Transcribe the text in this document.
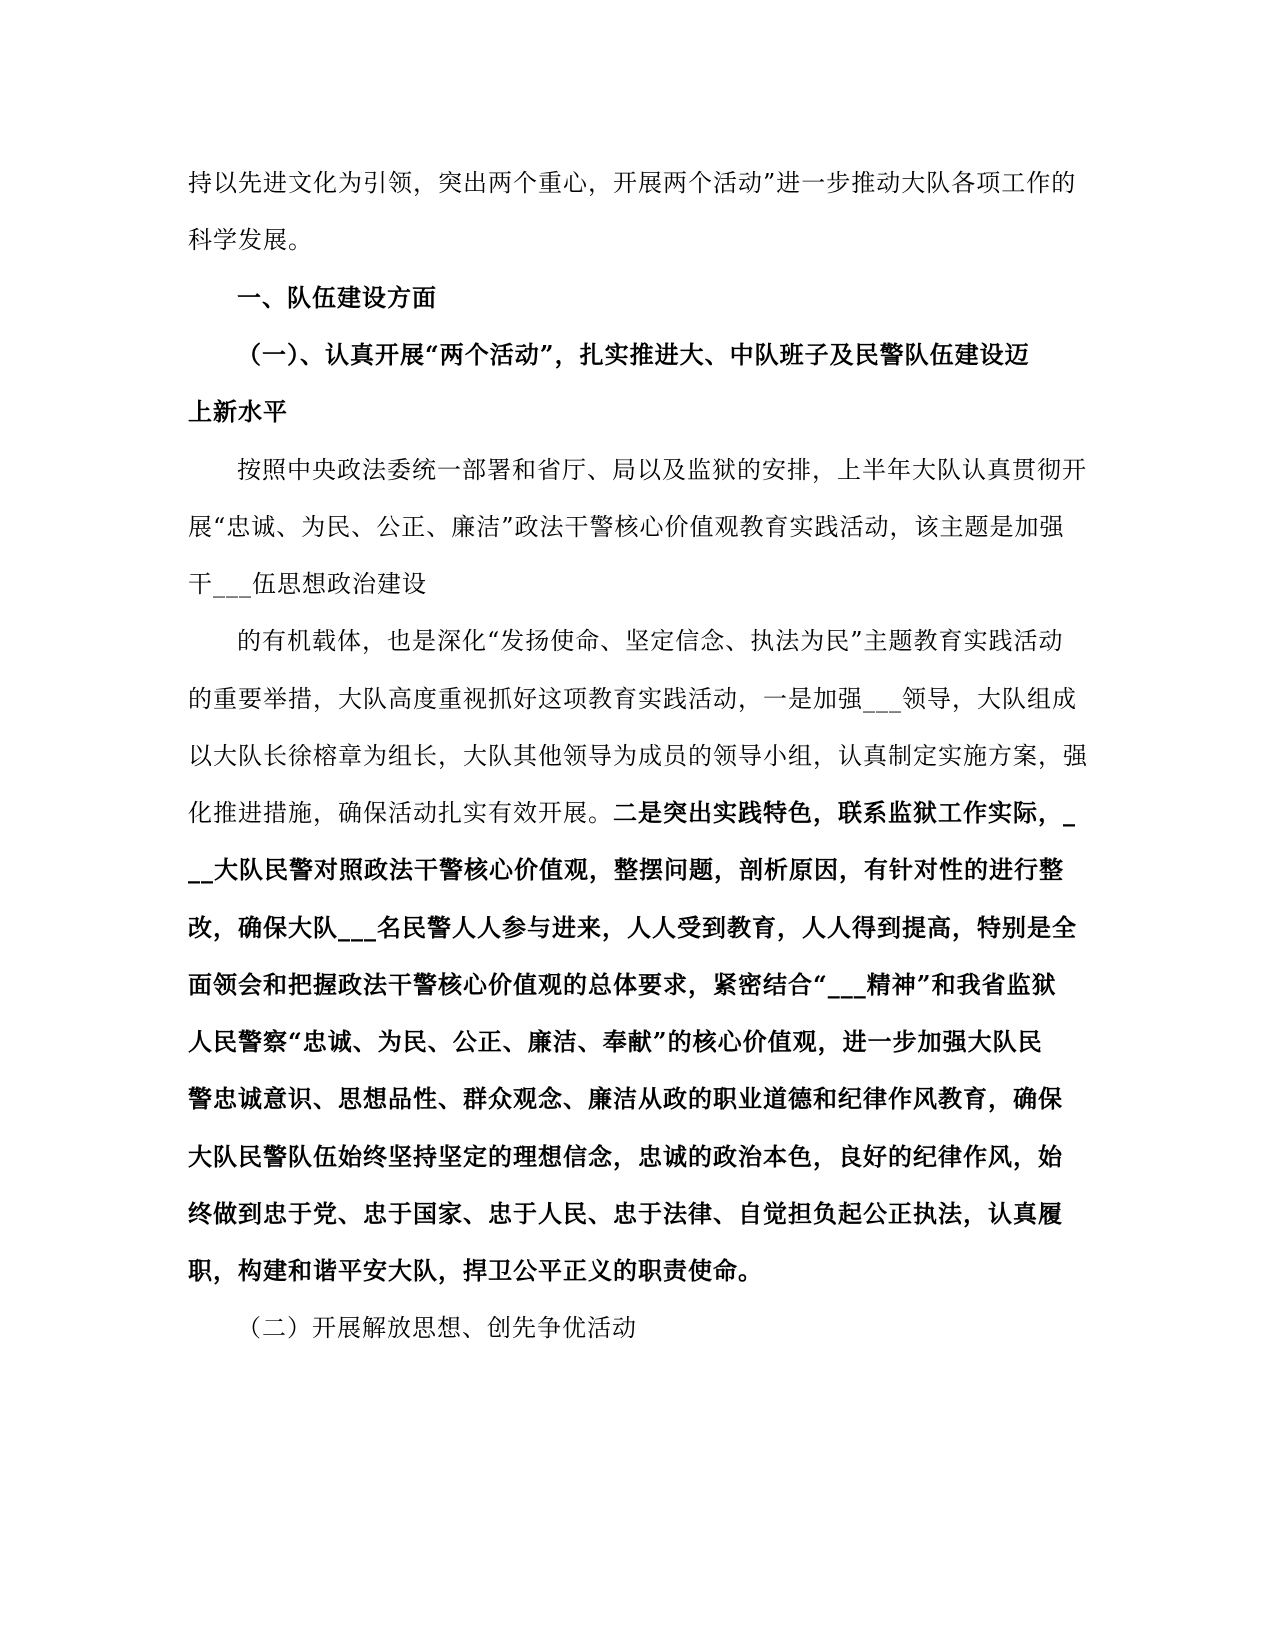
持以先进文化为引领，突出两个重心，开展两个活动”进一步推动大队各项工作的
科学发展。
一、队伍建设方面
（一）、认真开展“两个活动”，扎实推进大、中队班子及民警队伍建设迈
上新水平
按照中央政法委统一部署和省厅、局以及监狱的安排，上半年大队认真贯彻开
展“忠诚、为民、公正、廉洁”政法干警核心价值观教育实践活动，该主题是加强
干___伍思想政治建设
的有机载体，也是深化“发扬使命、坚定信念、执法为民”主题教育实践活动
的重要举措，大队高度重视抓好这项教育实践活动，一是加强___领导，大队组成
以大队长徐榕章为组长，大队其他领导为成员的领导小组，认真制定实施方案，强
化推进措施，确保活动扎实有效开展。二是突出实践特色，联系监狱工作实际，_
__大队民警对照政法干警核心价值观，整摆问题，剖析原因，有针对性的进行整
改，确保大队___名民警人人参与进来，人人受到教育，人人得到提高，特别是全
面领会和把握政法干警核心价值观的总体要求，紧密结合“___精神”和我省监狱
人民警察“忠诚、为民、公正、廉洁、奉献”的核心价值观，进一步加强大队民
警忠诚意识、思想品性、群众观念、廉洁从政的职业道德和纪律作风教育，确保
大队民警队伍始终坚持坚定的理想信念，忠诚的政治本色，良好的纪律作风，始
终做到忠于党、忠于国家、忠于人民、忠于法律、自觉担负起公正执法，认真履
职，构建和谐平安大队，捍卫公平正义的职责使命。
（二）开展解放思想、创先争优活动
